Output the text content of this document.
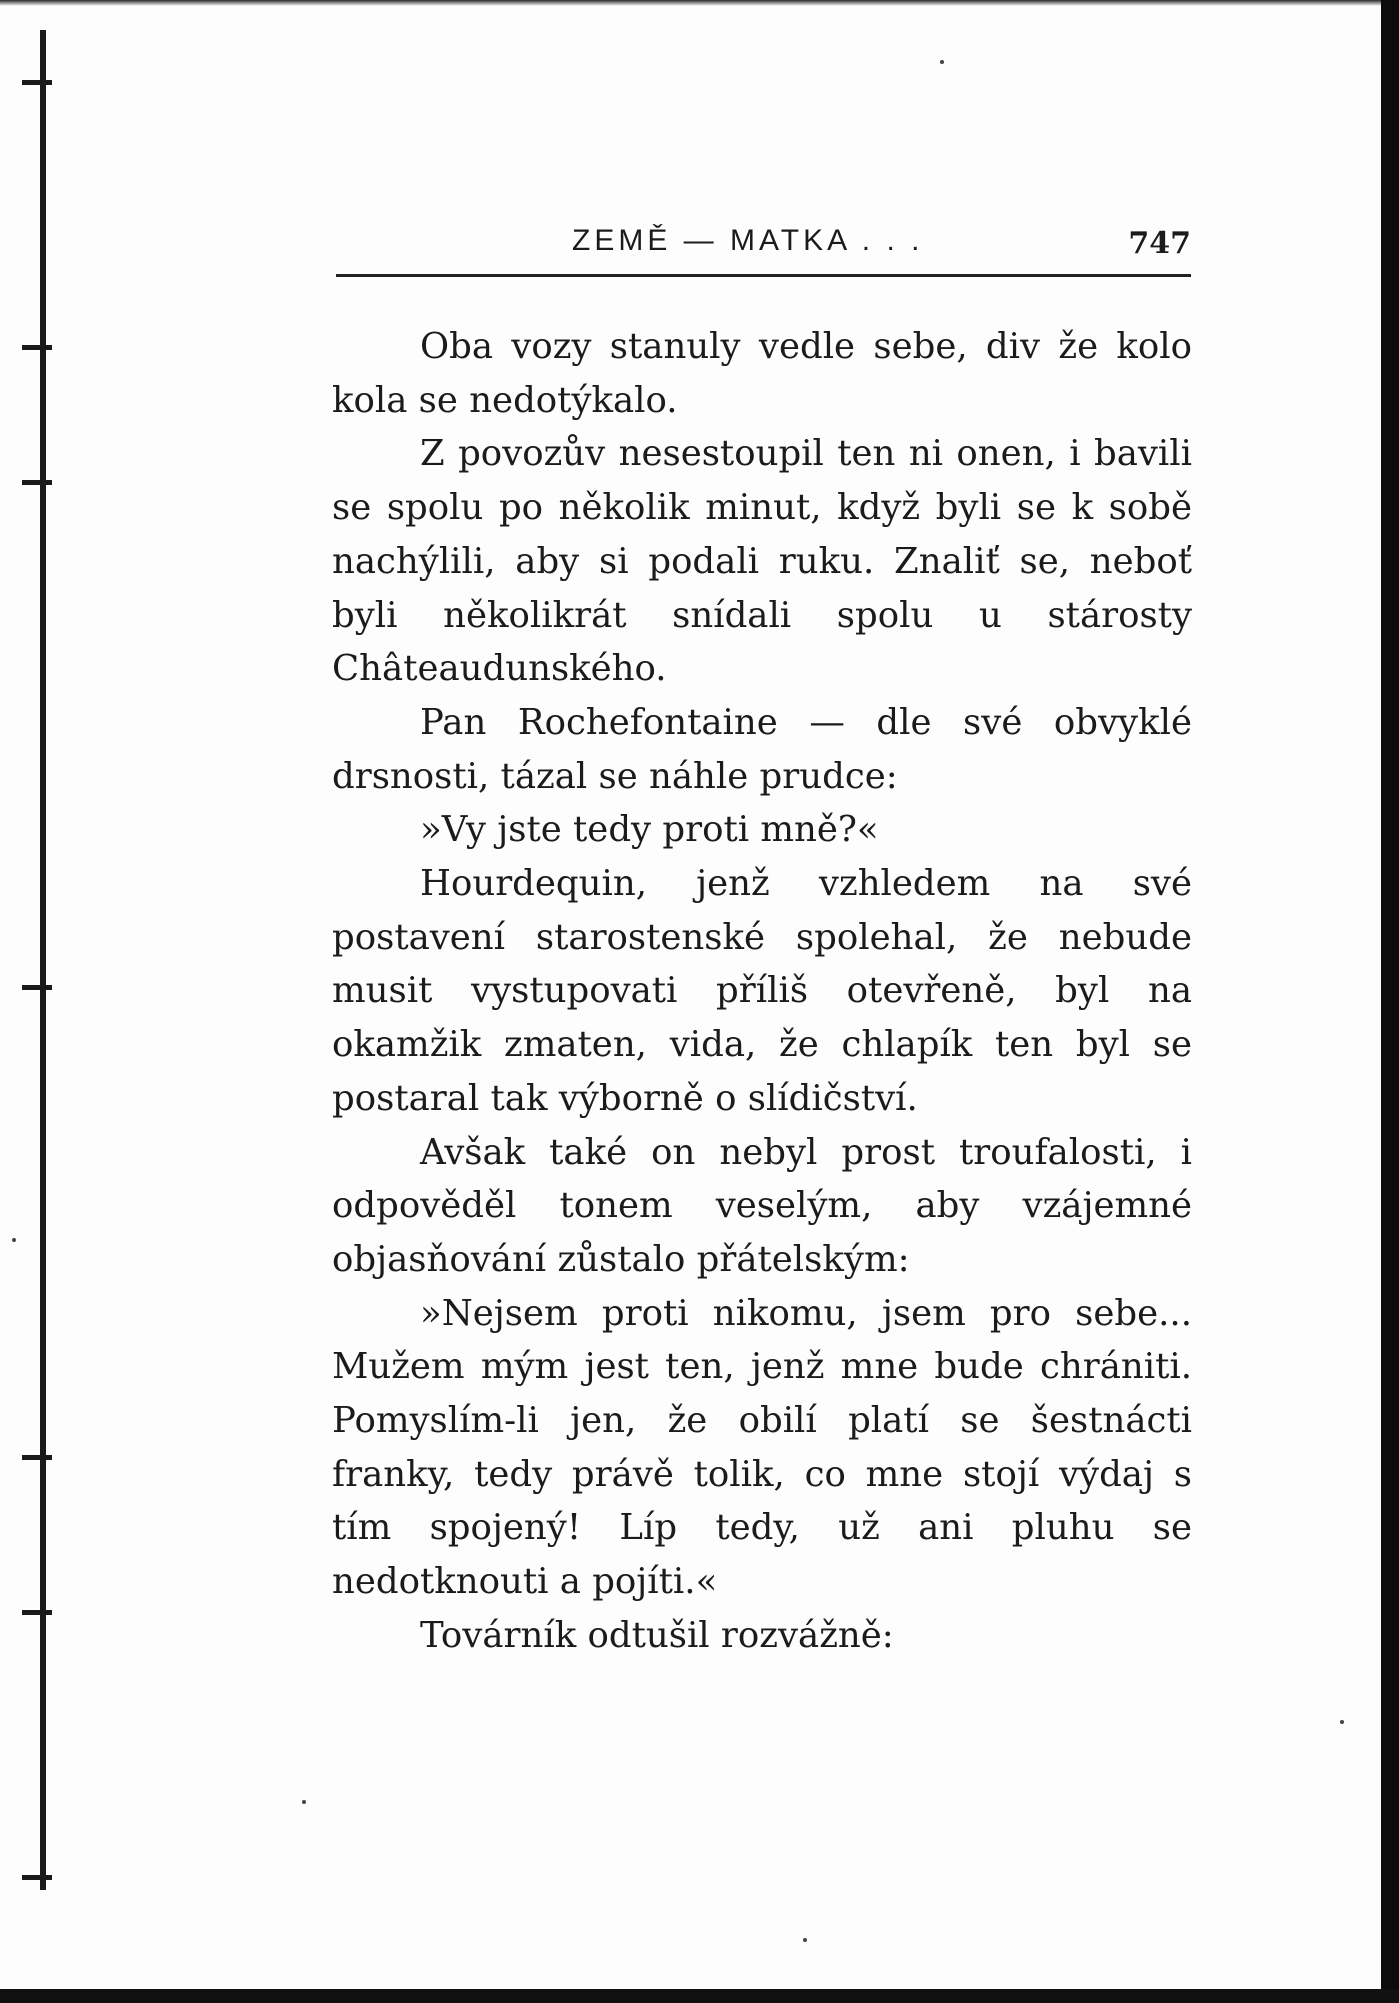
ZEMĚ — MATKA . . .	747

Oba vozy stanuly vedle sebe, div že kolo kola se nedotýkalo.

Z povozův nesestoupil ten ni onen, i bavili se spolu po několik minut, když byli se k sobě nachýlili, aby si podali ruku. Znaliť se, neboť byli několikrát snídali spolu u stárosty Châteaudunského.

Pan Rochefontaine — dle své obvyklé drsnosti, tázal se náhle prudce:

»Vy jste tedy proti mně?«

Hourdequin, jenž vzhledem na své postavení starostenské spolehal, že nebude musit vystupovati příliš otevřeně, byl na okamžik zmaten, vida, že chlapík ten byl se postaral tak výborně o slídičství.

Avšak také on nebyl prost troufalosti, i odpověděl tonem veselým, aby vzájemné objasňování zůstalo přátelským:

»Nejsem proti nikomu, jsem pro sebe... Mužem mým jest ten, jenž mne bude chrániti. Pomyslím-li jen, že obilí platí se šestnácti franky, tedy právě tolik, co mne stojí výdaj s tím spojený! Líp tedy, už ani pluhu se nedotknouti a pojíti.«

Továrník odtušil rozvážně:
